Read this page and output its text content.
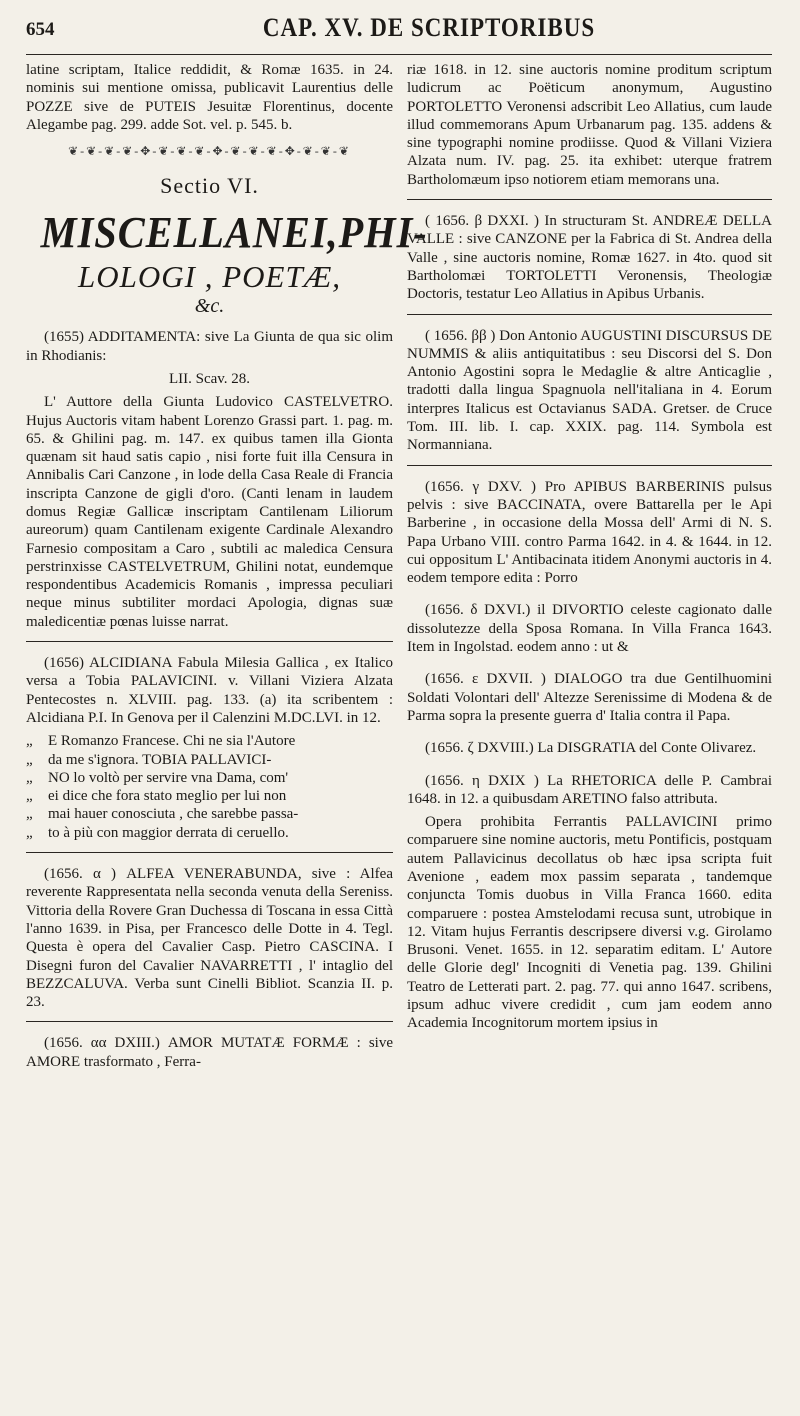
654	CAP. XV. DE SCRIPTORIBUS

latine scriptam, Italice reddidit, & Romæ 1635. in 24. nominis sui mentione omissa, publicavit Laurentius delle POZZE sive de PUTEIS Jesuitæ Florentinus, docente Alegambe pag. 299. adde Sot. vel. p. 545. b.

❦-❦-❦-❦-✥-❦-❦-❦-✥-❦-❦-❦-✥-❦-❦-❦
Sectio VI.
MISCELLANEI,PHI-
LOLOGI , POETÆ,
&c.

(1655) ADDITAMENTA: sive La Giunta de qua sic olim in Rhodianis:

LII. Scav. 28.

L' Auttore della Giunta Ludovico CASTELVETRO. Hujus Auctoris vitam habent Lorenzo Grassi part. 1. pag. m. 65. & Ghilini pag. m. 147. ex quibus tamen illa Gionta quænam sit haud satis capio , nisi forte fuit illa Censura in Annibalis Cari Canzone , in lode della Casa Reale di Francia inscripta Canzone de gigli d'oro. (Canti lenam in laudem domus Regiæ Gallicæ inscriptam Cantilenam Liliorum aureorum) quam Cantilenam exigente Cardinale Alexandro Farnesio compositam a Caro , subtili ac maledica Censura perstrinxisse CASTELVETRUM, Ghilini notat, eundemque respondentibus Academicis Romanis , impressa peculiari neque minus subtiliter mordaci Apologia, dignas suæ maledicentiæ pœnas luisse narrat.

(1656) ALCIDIANA Fabula Milesia Gallica , ex Italico versa a Tobia PALAVICINI. v. Villani Viziera Alzata Pentecostes n. XLVIII. pag. 133. (a) ita scribentem : Alcidiana P.I. In Genova per il Calenzini M.DC.LVI. in 12.

„	E Romanzo Francese. Chi ne sia l'Autore
„	da me s'ignora. TOBIA PALLAVICI-
„	NO lo voltò per servire vna Dama, com'
„	ei dice che fora stato meglio per lui non
„	mai hauer conosciuta , che sarebbe passa-
„	to à più con maggior derrata di ceruello.

(1656. α ) ALFEA VENERABUNDA, sive : Alfea reverente Rappresentata nella seconda venuta della Sereniss. Vittoria della Rovere Gran Duchessa di Toscana in essa Città l'anno 1639. in Pisa, per Francesco delle Dotte in 4. Tegl. Questa è opera del Cavalier Casp. Pietro CASCINA. I Disegni furon del Cavalier NAVARRETTI , l' intaglio del BEZZCALUVA. Verba sunt Cinelli Bibliot. Scanzia II. p. 23.

(1656. αα DXIII.) AMOR MUTATÆ FORMÆ : sive AMORE trasformato , Ferra-

riæ 1618. in 12. sine auctoris nomine proditum scriptum ludicrum ac Poëticum anonymum, Augustino PORTOLETTO Veronensi adscribit Leo Allatius, cum laude illud commemorans Apum Urbanarum pag. 135. addens & sine typographi nomine prodiisse. Quod & Villani Viziera Alzata num. IV. pag. 25. ita exhibet: uterque fratrem Bartholomæum ipso notiorem etiam memorans una.

( 1656. β DXXI. ) In structuram St. ANDREÆ DELLA VALLE : sive CANZONE per la Fabrica di St. Andrea della Valle , sine auctoris nomine, Romæ 1627. in 4to. quod sit Bartholomæi TORTOLETTI Veronensis, Theologiæ Doctoris, testatur Leo Allatius in Apibus Urbanis.

( 1656. ββ ) Don Antonio AUGUSTINI DISCURSUS DE NUMMIS & aliis antiquitatibus : seu Discorsi del S. Don Antonio Agostini sopra le Medaglie & altre Anticaglie , tradotti dalla lingua Spagnuola nell'italiana in 4. Eorum interpres Italicus est Octavianus SADA. Gretser. de Cruce Tom. III. lib. I. cap. XXIX. pag. 114. Symbola est Normanniana.

(1656. γ DXV. ) Pro APIBUS BARBERINIS pulsus pelvis : sive BACCINATA, overe Battarella per le Api Barberine , in occasione della Mossa dell' Armi di N. S. Papa Urbano VIII. contro Parma 1642. in 4. & 1644. in 12. cui oppositum L' Antibacinata itidem Anonymi auctoris in 4. eodem tempore edita : Porro

(1656. δ DXVI.) il DIVORTIO celeste cagionato dalle dissolutezze della Sposa Romana. In Villa Franca 1643. Item in Ingolstad. eodem anno : ut &

(1656. ε DXVII. ) DIALOGO tra due Gentilhuomini Soldati Volontari dell' Altezze Serenissime di Modena & de Parma sopra la presente guerra d' Italia contra il Papa.

(1656. ζ DXVIII.) La DISGRATIA del Conte Olivarez.

(1656. η DXIX ) La RHETORICA delle P. Cambrai 1648. in 12. a quibusdam ARETINO falso attributa.

Opera prohibita Ferrantis PALLAVICINI primo comparuere sine nomine auctoris, metu Pontificis, postquam autem Pallavicinus decollatus ob hæc ipsa scripta fuit Avenione , eadem mox passim separata , tandemque conjuncta Tomis duobus in Villa Franca 1660. edita comparuere : postea Amstelodami recusa sunt, utrobique in 12. Vitam hujus Ferrantis descripsere diversi v.g. Girolamo Brusoni. Venet. 1655. in 12. separatim editam. L' Autore delle Glorie degl' Incogniti di Venetia pag. 139. Ghilini Teatro de Letterati part. 2. pag. 77. qui anno 1647. scribens, ipsum adhuc vivere credidit , cum jam eodem anno Academia Incognitorum mortem ipsius in
